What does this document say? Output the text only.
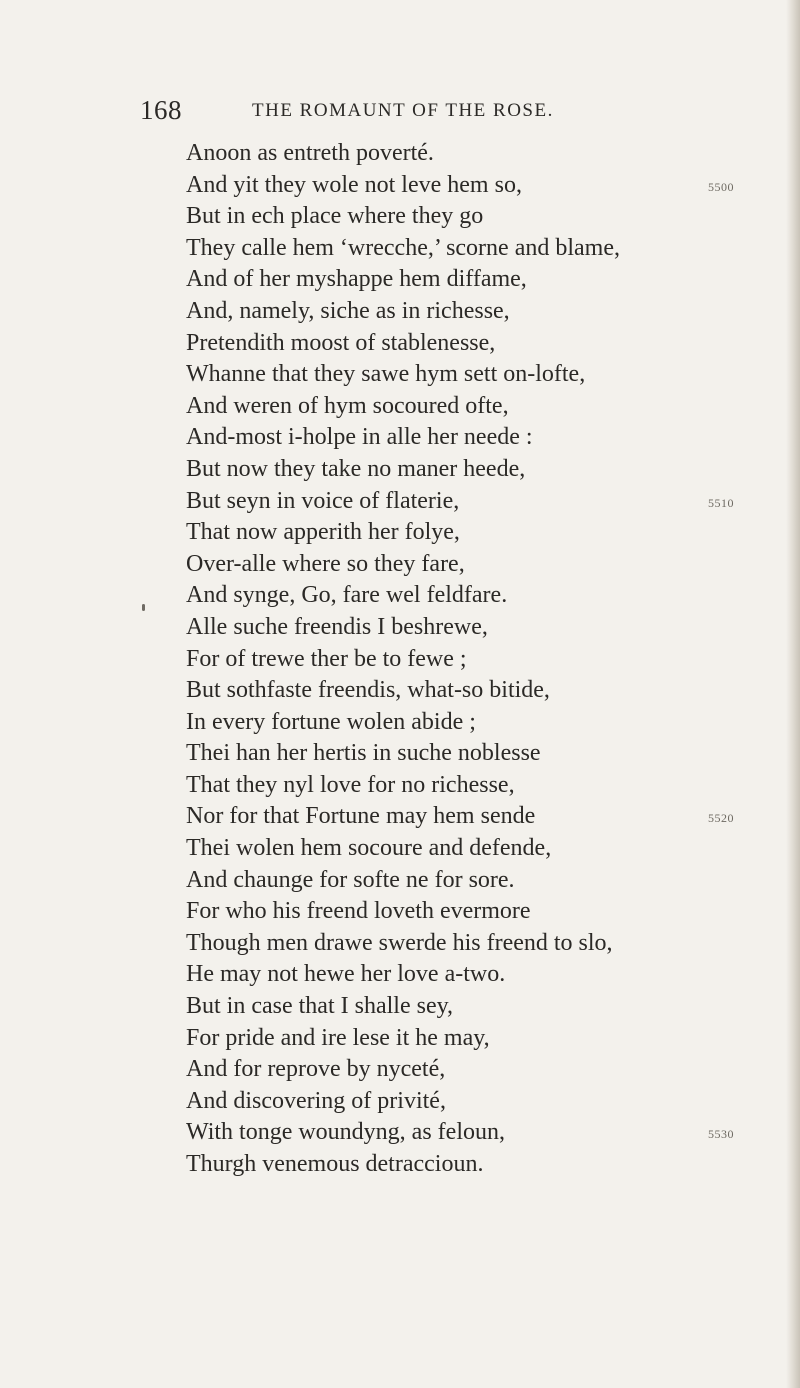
168	THE ROMAUNT OF THE ROSE.
Anoon as entreth poverté.
And yit they wole not leve hem so,	5500
But in ech place where they go
They calle hem ‘wrecche,’ scorne and blame,
And of her myshappe hem diffame,
And, namely, siche as in richesse,
Pretendith moost of stablenesse,
Whanne that they sawe hym sett on-lofte,
And weren of hym socoured ofte,
And-most i-holpe in alle her neede :
But now they take no maner heede,
But seyn in voice of flaterie,	5510
That now apperith her folye,
Over-alle where so they fare,
And synge, Go, fare wel feldfare.
Alle suche freendis I beshrewe,
For of trewe ther be to fewe ;
But sothfaste freendis, what-so bitide,
In every fortune wolen abide ;
Thei han her hertis in suche noblesse
That they nyl love for no richesse,
Nor for that Fortune may hem sende	5520
Thei wolen hem socoure and defende,
And chaunge for softe ne for sore.
For who his freend loveth evermore
Though men drawe swerde his freend to slo,
He may not hewe her love a-two.
But in case that I shalle sey,
For pride and ire lese it he may,
And for reprove by nyceté,
And discovering of privité,
With tonge woundyng, as feloun,	5530
Thurgh venemous detraccioun.
